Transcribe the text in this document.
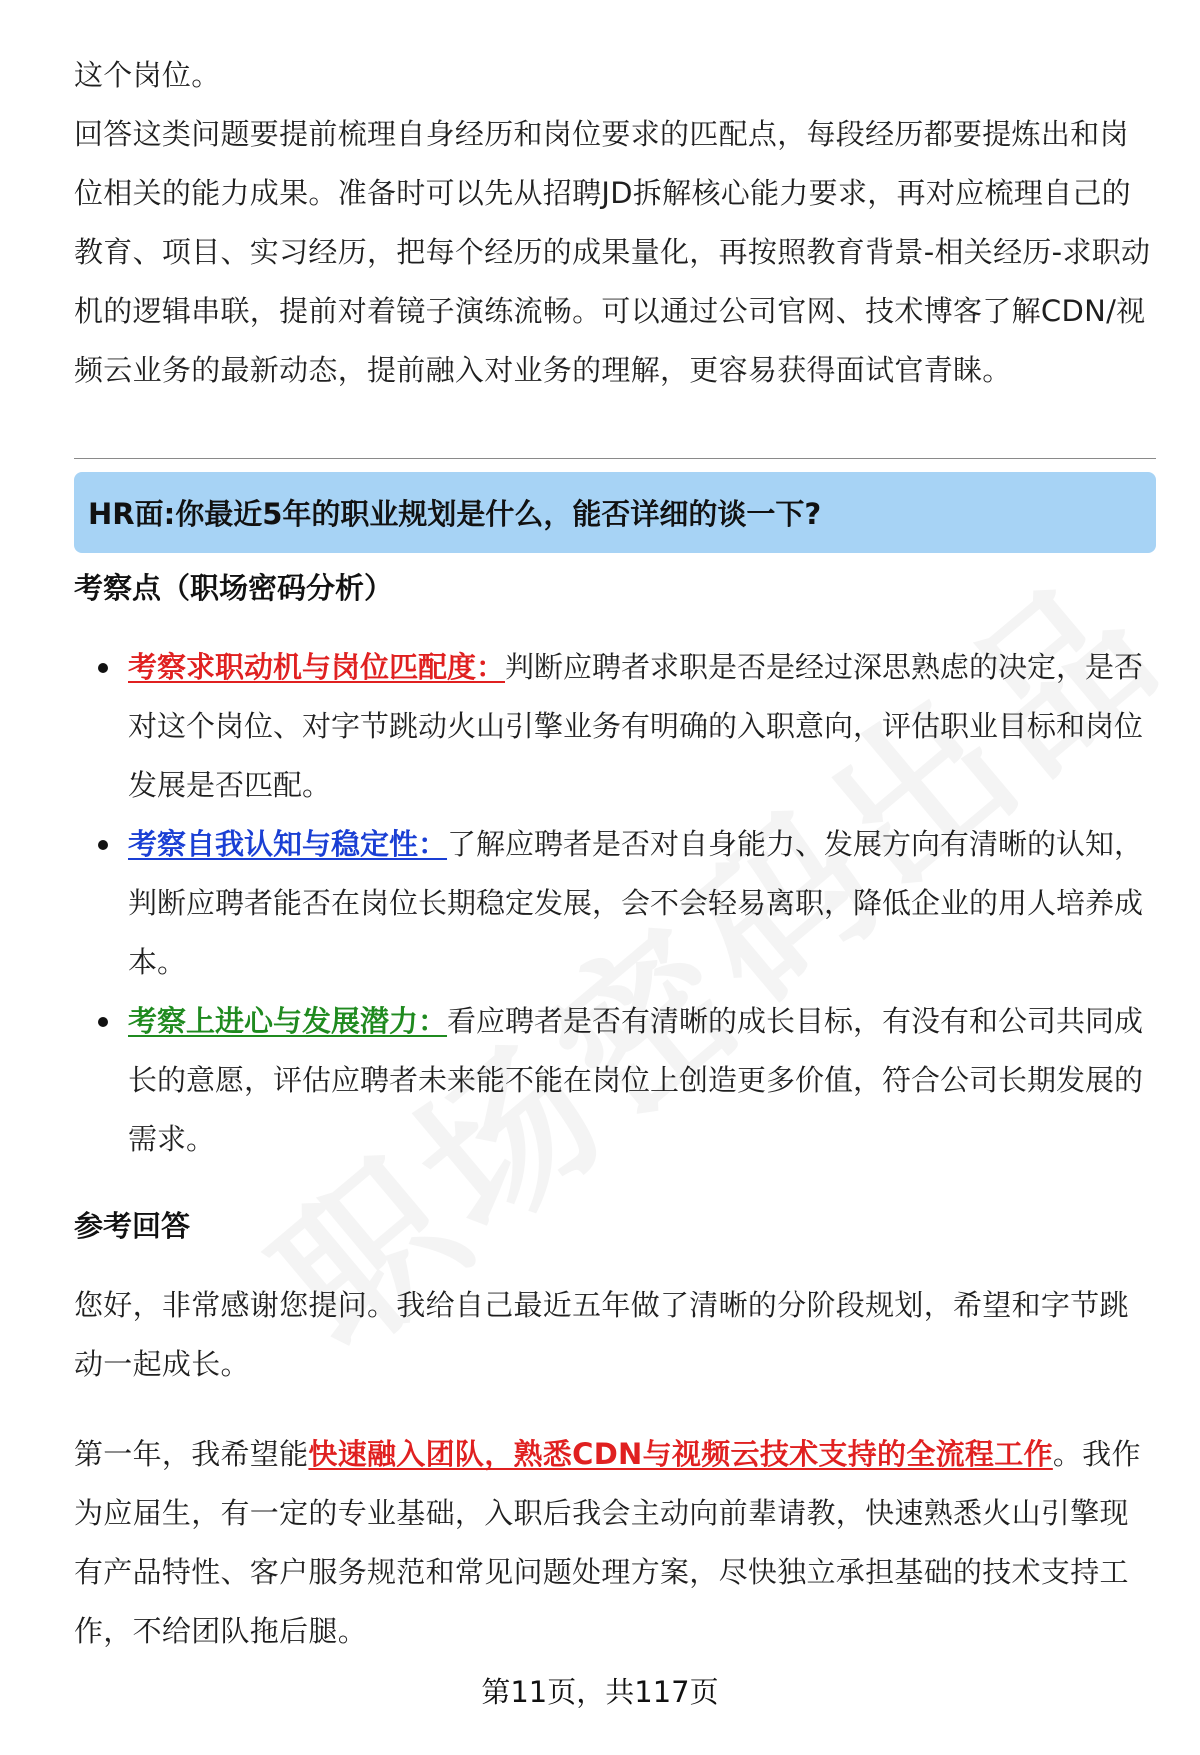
这个岗位。

回答这类问题要提前梳理自身经历和岗位要求的匹配点，每段经历都要提炼出和岗位相关的能力成果。准备时可以先从招聘JD拆解核心能力要求，再对应梳理自己的教育、项目、实习经历，把每个经历的成果量化，再按照教育背景-相关经历-求职动机的逻辑串联，提前对着镜子演练流畅。可以通过公司官网、技术博客了解CDN/视频云业务的最新动态，提前融入对业务的理解，更容易获得面试官青睐。

HR面:你最近5年的职业规划是什么，能否详细的谈一下?
考察点（职场密码分析）
考察求职动机与岗位匹配度：判断应聘者求职是否是经过深思熟虑的决定，是否对这个岗位、对字节跳动火山引擎业务有明确的入职意向，评估职业目标和岗位发展是否匹配。
考察自我认知与稳定性：了解应聘者是否对自身能力、发展方向有清晰的认知，判断应聘者能否在岗位长期稳定发展，会不会轻易离职，降低企业的用人培养成本。
考察上进心与发展潜力：看应聘者是否有清晰的成长目标，有没有和公司共同成长的意愿，评估应聘者未来能不能在岗位上创造更多价值，符合公司长期发展的需求。
参考回答

您好，非常感谢您提问。我给自己最近五年做了清晰的分阶段规划，希望和字节跳动一起成长。

第一年，我希望能快速融入团队，熟悉CDN与视频云技术支持的全流程工作。我作为应届生，有一定的专业基础，入职后我会主动向前辈请教，快速熟悉火山引擎现有产品特性、客户服务规范和常见问题处理方案，尽快独立承担基础的技术支持工作，不给团队拖后腿。

第11页，共117页
